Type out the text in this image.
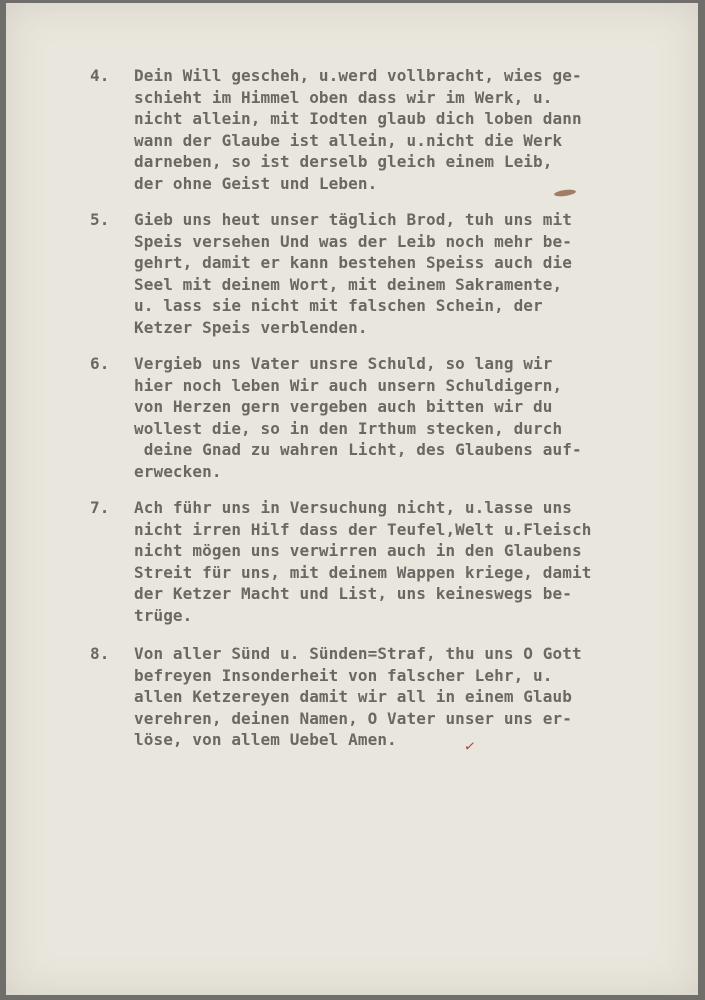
4. Dein Will gescheh, u.werd vollbracht, wies ge-
schieht im Himmel oben dass wir im Werk, u.
nicht allein, mit Iodten glaub dich loben dann
wann der Glaube ist allein, u.nicht die Werk
darneben, so ist derselb gleich einem Leib,
der ohne Geist und Leben.
5. Gieb uns heut unser täglich Brod, tuh uns mit
Speis versehen Und was der Leib noch mehr be-
gehrt, damit er kann bestehen Speiss auch die
Seel mit deinem Wort, mit deinem Sakramente,
u. lass sie nicht mit falschen Schein, der
Ketzer Speis verblenden.
6. Vergieb uns Vater unsre Schuld, so lang wir
hier noch leben Wir auch unsern Schuldigern,
von Herzen gern vergeben auch bitten wir du
wollest die, so in den Irthum stecken, durch
deine Gnad zu wahren Licht, des Glaubens auf-
erwecken.
7. Ach führ uns in Versuchung nicht, u.lasse uns
nicht irren Hilf dass der Teufel,Welt u.Fleisch
nicht mögen uns verwirren auch in den Glaubens
Streit für uns, mit deinem Wappen kriege, damit
der Ketzer Macht und List, uns keineswegs be-
trüge.
8. Von aller Sünd u. Sünden=Straf, thu uns O Gott
befreyen Insonderheit von falscher Lehr, u.
allen Ketzereyen damit wir all in einem Glaub
verehren, deinen Namen, O Vater unser uns er-
löse, von allem Uebel Amen.	✓
